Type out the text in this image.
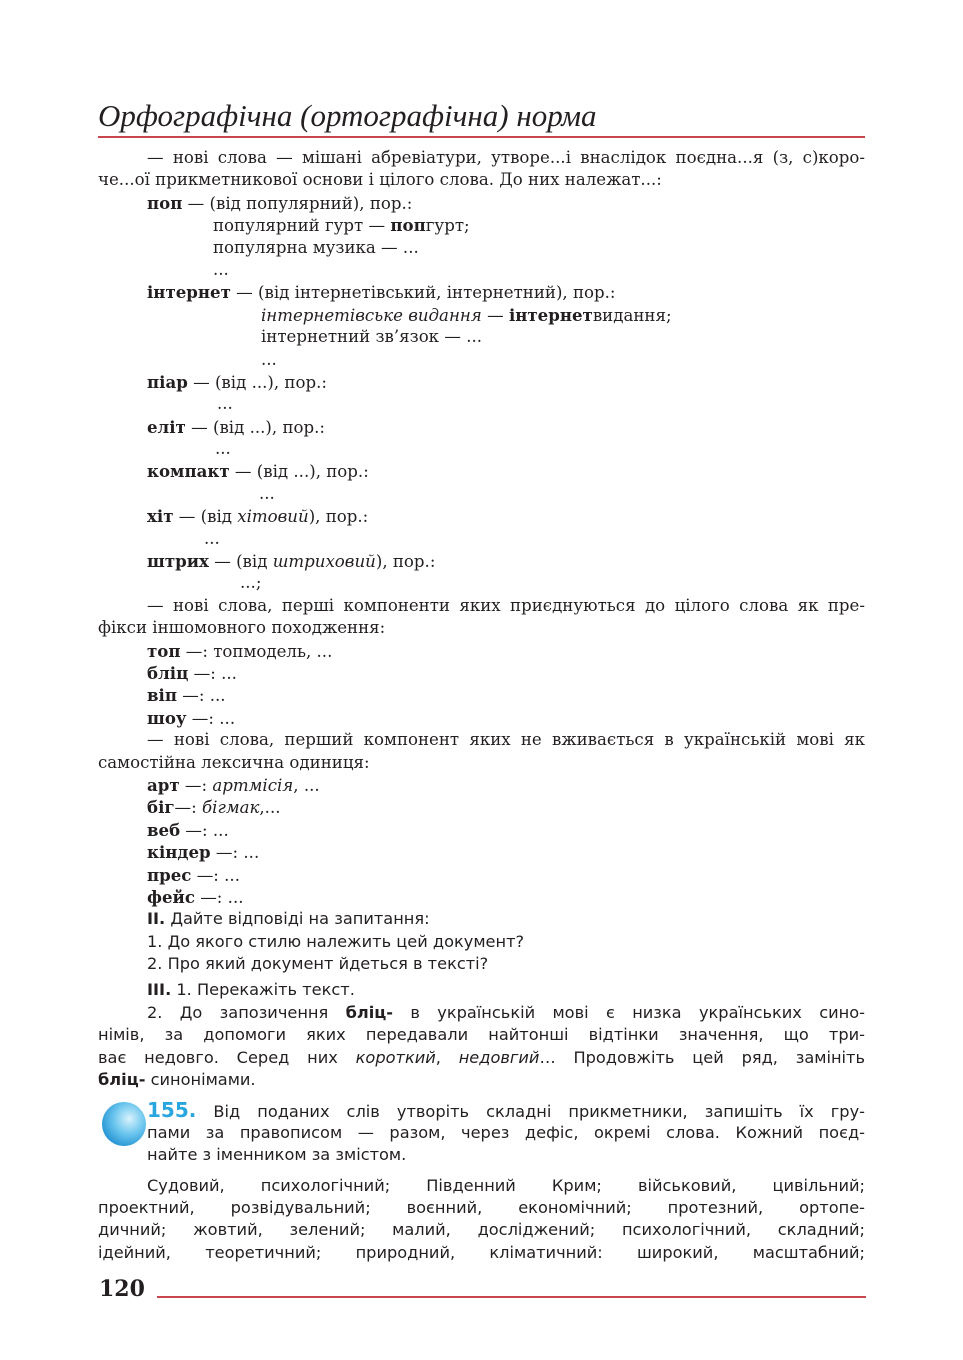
Орфографічна (ортографічна) норма
— нові слова — мішані абревіатури, утворе...і внаслідок поєдна...я (з, с)коро-
че...ої прикметникової основи і цілого слова. До них належат...:
поп — (від популярний), пор.:
популярний гурт — попгурт;
популярна музика — ...
...
інтернет — (від інтернетівський, інтернетний), пор.:
інтернетівське видання — інтернетвидання;
інтернетний зв’язок — ...
...
піар — (від ...), пор.:
...
еліт — (від ...), пор.:
...
компакт — (від ...), пор.:
...
хіт — (від хітовий), пор.:
...
штрих — (від штриховий), пор.:
...;
— нові слова, перші компоненти яких приєднуються до цілого слова як пре-
фікси іншомовного походження:
топ —: топмодель, ...
бліц —: ...
віп —: ...
шоу —: ...
— нові слова, перший компонент яких не вживається в українській мові як
самостійна лексична одиниця:
арт —: артмісія, ...
біг—: бігмак,...
веб —: ...
кіндер —: ...
прес —: ...
фейс —: ...
ІІ. Дайте відповіді на запитання:
1. До якого стилю належить цей документ?
2. Про який документ йдеться в тексті?
ІІІ. 1. Перекажіть текст.
2. До запозичення бліц- в українській мові є низка українських сино-
німів, за допомоги яких передавали найтонші відтінки значення, що три-
ває недовго. Серед них короткий, недовгий… Продовжіть цей ряд, замініть
бліц- синонімами.
155. Від поданих слів утворіть складні прикметники, запишіть їх гру-
пами за правописом — разом, через дефіс, окремі слова. Кожний поєд-
найте з іменником за змістом.
Судовий, психологічний; Південний Крим; військовий, цивільний;
проектний, розвідувальний; воєнний, економічний; протезний, ортопе-
дичний; жовтий, зелений; малий, досліджений; психологічний, складний;
ідейний, теоретичний; природний, кліматичний: широкий, масштабний;
120
